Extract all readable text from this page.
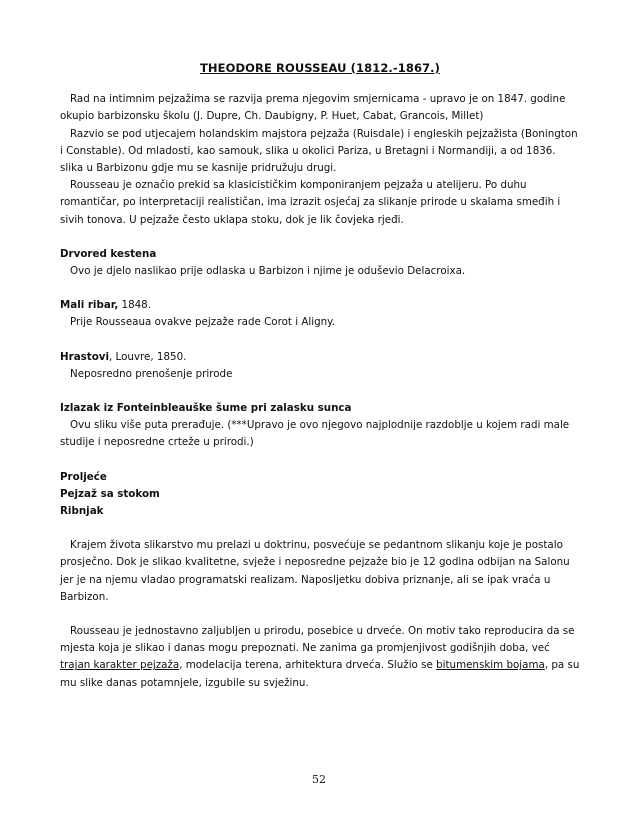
THEODORE ROUSSEAU (1812.-1867.)

Rad na intimnim pejzažima se razvija prema njegovim smjernicama - upravo je on 1847. godine okupio barbizonsku školu (J. Dupre, Ch. Daubigny, P. Huet, Cabat, Grancois, Millet)

Razvio se pod utjecajem holandskim majstora pejzaža (Ruisdale) i engleskih pejzažista (Bonington i Constable). Od mladosti, kao samouk, slika u okolici Pariza, u Bretagni i Normandiji, a od 1836. slika u Barbizonu gdje mu se kasnije pridružuju drugi.

Rousseau je označio prekid sa klasicističkim komponiranjem pejzaža u atelijeru. Po duhu romantičar, po interpretaciji realističan, ima izrazit osjećaj za slikanje prirode u skalama smeđih i sivih tonova. U pejzaže često uklapa stoku, dok je lik čovjeka rjeđi.

Drvored kestena

Ovo je djelo naslikao prije odlaska u Barbizon i njime je oduševio Delacroixa.

Mali ribar, 1848.

Prije Rousseaua ovakve pejzaže rade Corot i Aligny.

Hrastovi, Louvre, 1850.

Neposredno prenošenje prirode

Izlazak iz Fonteinbleauške šume pri zalasku sunca

Ovu sliku više puta prerađuje. (***Upravo je ovo njegovo najplodnije razdoblje u kojem radi male studije i neposredne crteže u prirodi.)

Proljeće

Pejzaž sa stokom

Ribnjak

Krajem života slikarstvo mu prelazi u doktrinu, posvećuje se pedantnom slikanju koje je postalo prosječno. Dok je slikao kvalitetne, svježe i neposredne pejzaže bio je 12 godina odbijan na Salonu jer je na njemu vladao programatski realizam. Naposljetku dobiva priznanje, ali se ipak vraća u Barbizon.

Rousseau je jednostavno zaljubljen u prirodu, posebice u drveće. On motiv tako reproducira da se mjesta koja je slikao i danas mogu prepoznati. Ne zanima ga promjenjivost godišnjih doba, već trajan karakter pejzaža, modelacija terena, arhitektura drveća. Služio se bitumenskim bojama, pa su mu slike danas potamnjele, izgubile su svježinu.

52
